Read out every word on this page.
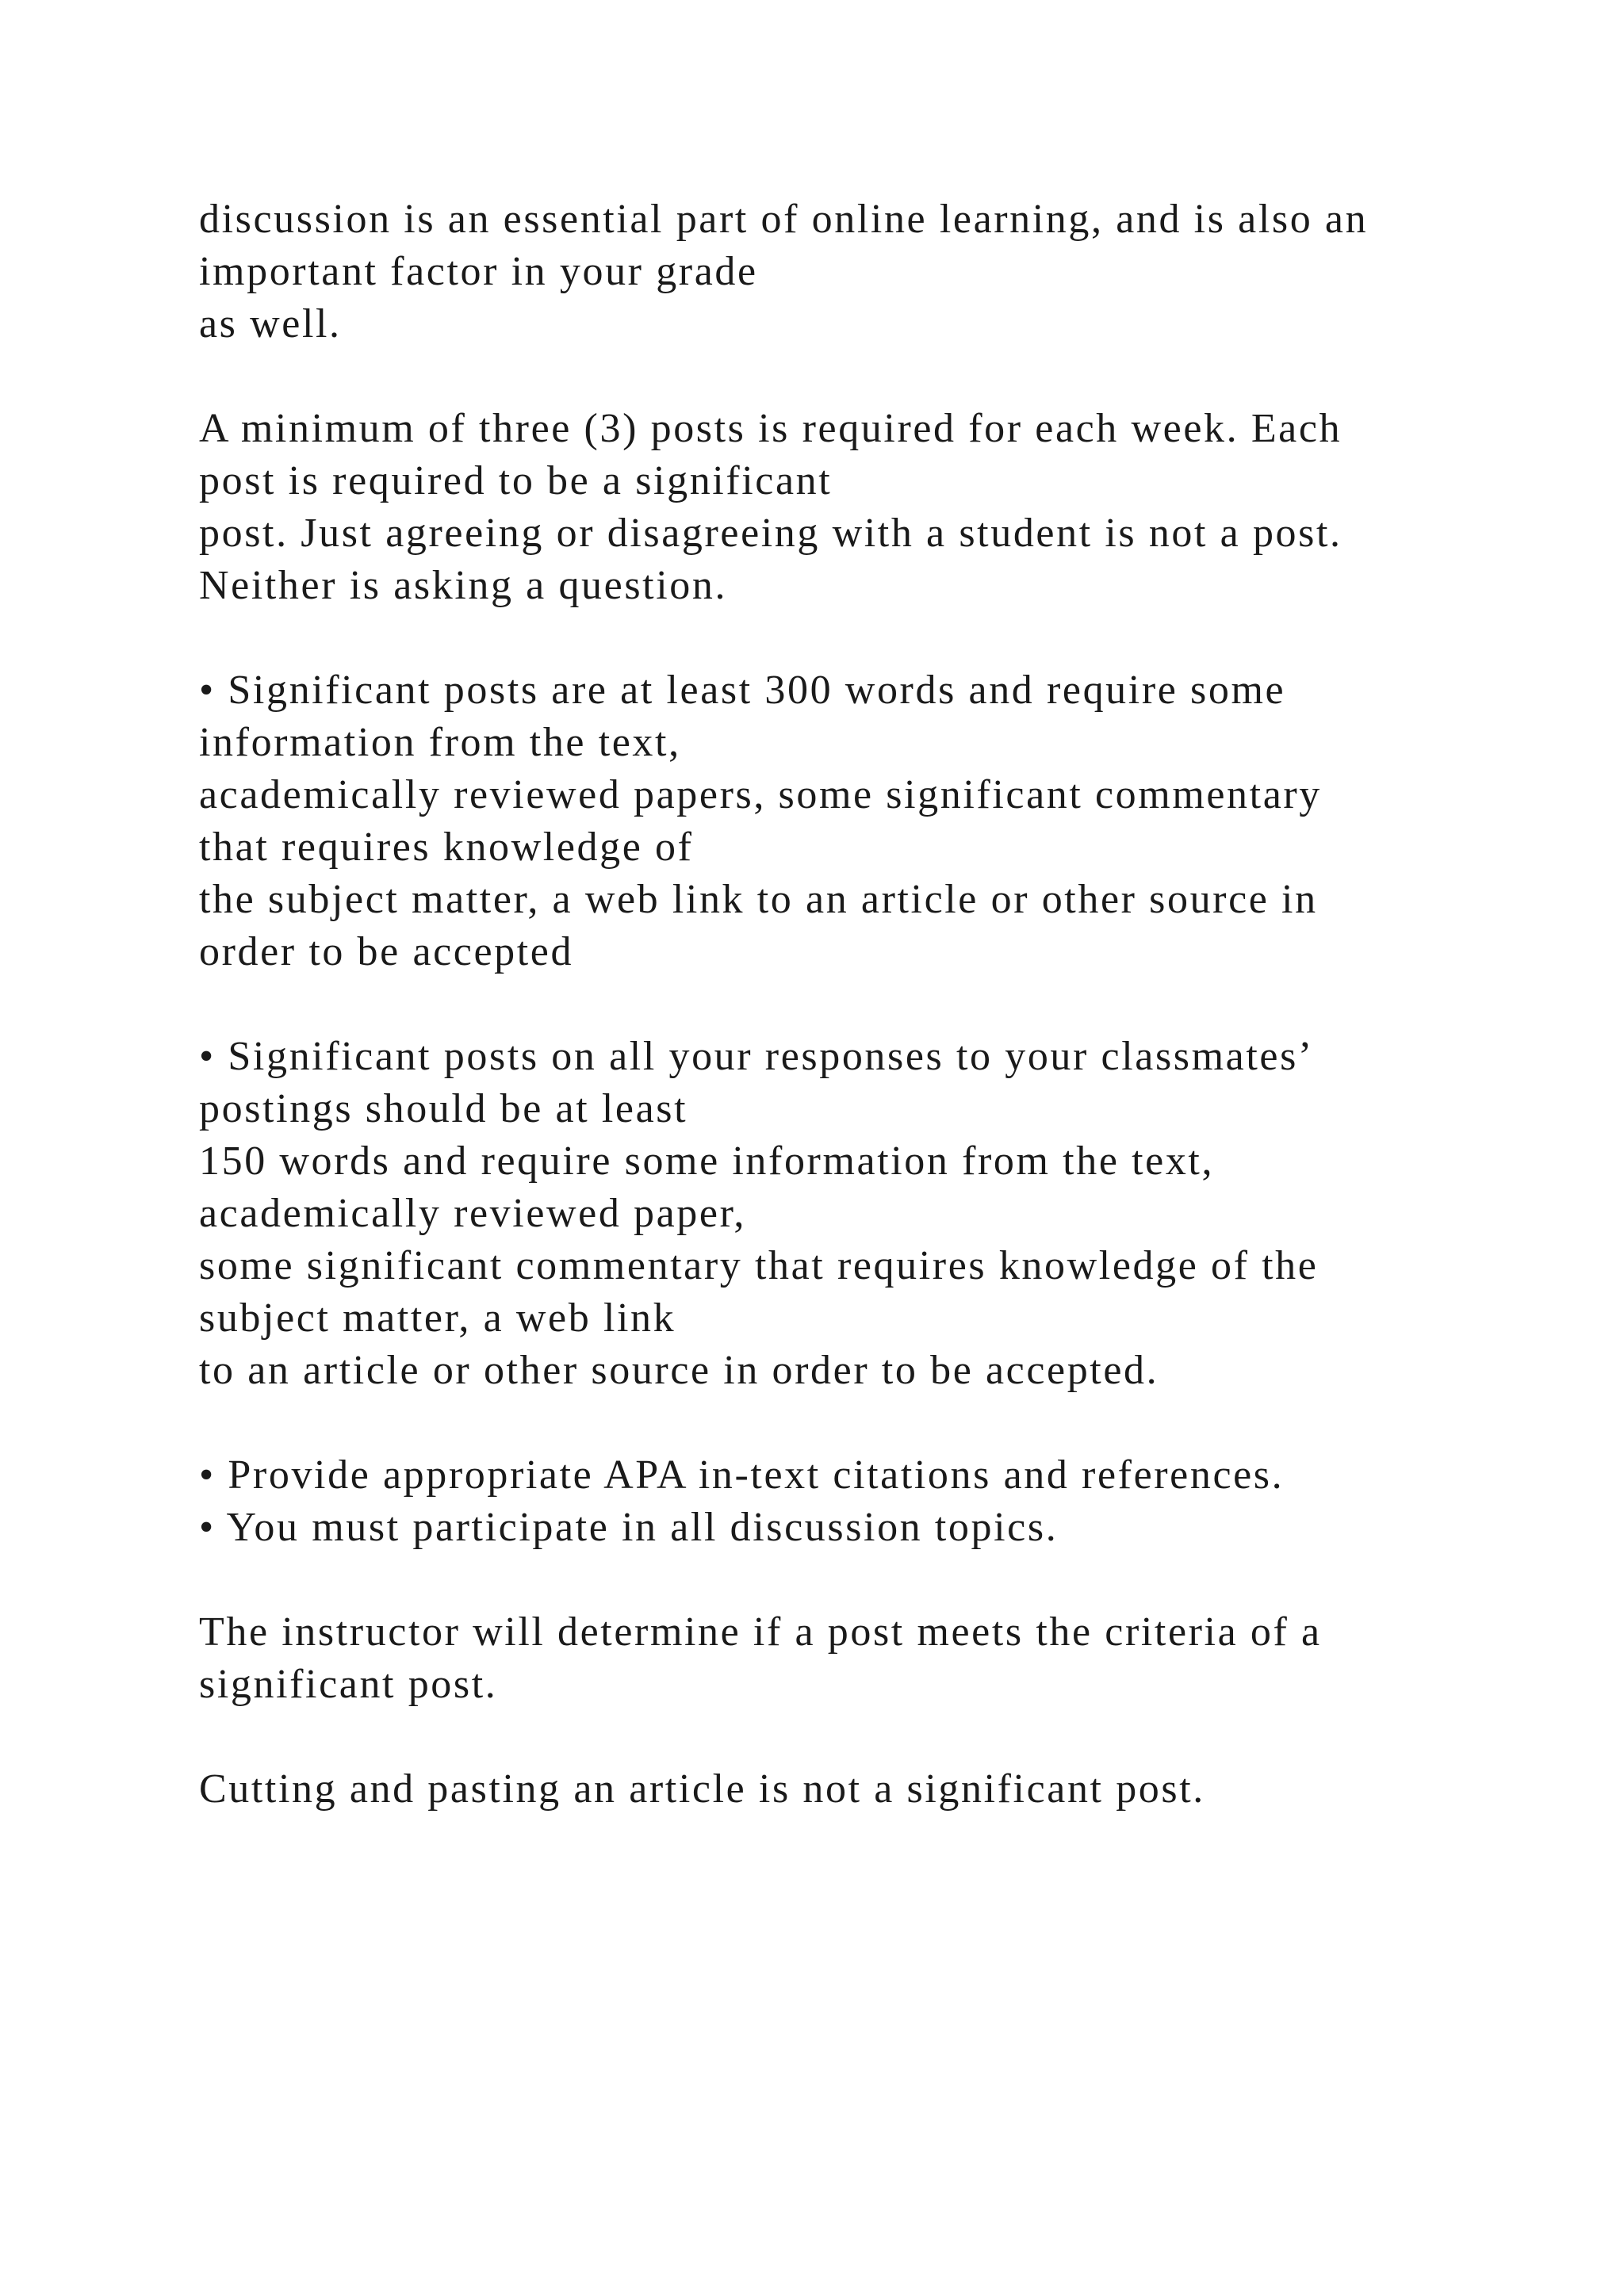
discussion is an essential part of online learning, and is also an
important factor in your grade
as well.
A minimum of three (3) posts is required for each week. Each
post is required to be a significant
post. Just agreeing or disagreeing with a student is not a post.
Neither is asking a question.
• Significant posts are at least 300 words and require some
information from the text,
academically reviewed papers, some significant commentary
that requires knowledge of
the subject matter, a web link to an article or other source in
order to be accepted
• Significant posts on all your responses to your classmates’
postings should be at least
150 words and require some information from the text,
academically reviewed paper,
some significant commentary that requires knowledge of the
subject matter, a web link
to an article or other source in order to be accepted.
• Provide appropriate APA in-text citations and references.
• You must participate in all discussion topics.
The instructor will determine if a post meets the criteria of a
significant post.
Cutting and pasting an article is not a significant post.
